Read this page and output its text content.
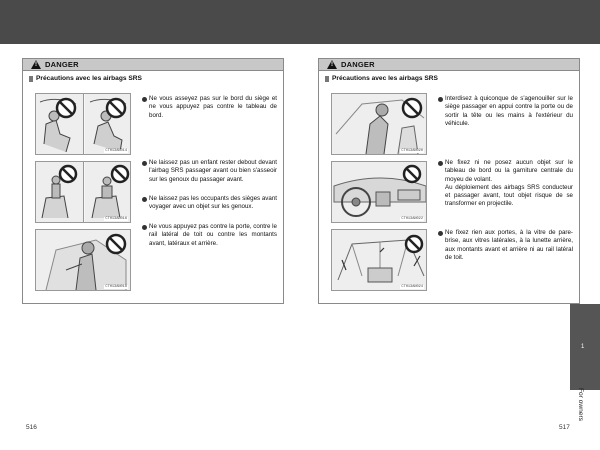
! DANGER
Précautions avec les airbags SRS
CTH13AN014
CTH13AN016
CTH13AN018

Ne vous asseyez pas sur le bord du siège et ne vous appuyez pas contre le tableau de bord.

Ne laissez pas un enfant rester debout devant l'airbag SRS passager avant ou bien s'asseoir sur les genoux du passager avant.

Ne laissez pas les occupants des sièges avant voyager avec un objet sur les genoux.

Ne vous appuyez pas contre la porte, contre le rail latéral de toit ou contre les montants avant, latéraux et arrière.

! DANGER
Précautions avec les airbags SRS
CTH13AN020
CTH13AN022
CTH13AN024

Interdisez à quiconque de s'agenouiller sur le siège passager en appui contre la porte ou de sortir la tête ou les mains à l'extérieur du véhicule.

Ne fixez ni ne posez aucun objet sur le tableau de bord ou la garniture centrale du moyeu de volant.

Au déploiement des airbags SRS conducteur et passager avant, tout objet risque de se transformer en projectile.

Ne fixez rien aux portes, à la vitre de pare-brise, aux vitres latérales, à la lunette arrière, aux montants avant et arrière ni au rail latéral de toit.

516	517
1
For owners
